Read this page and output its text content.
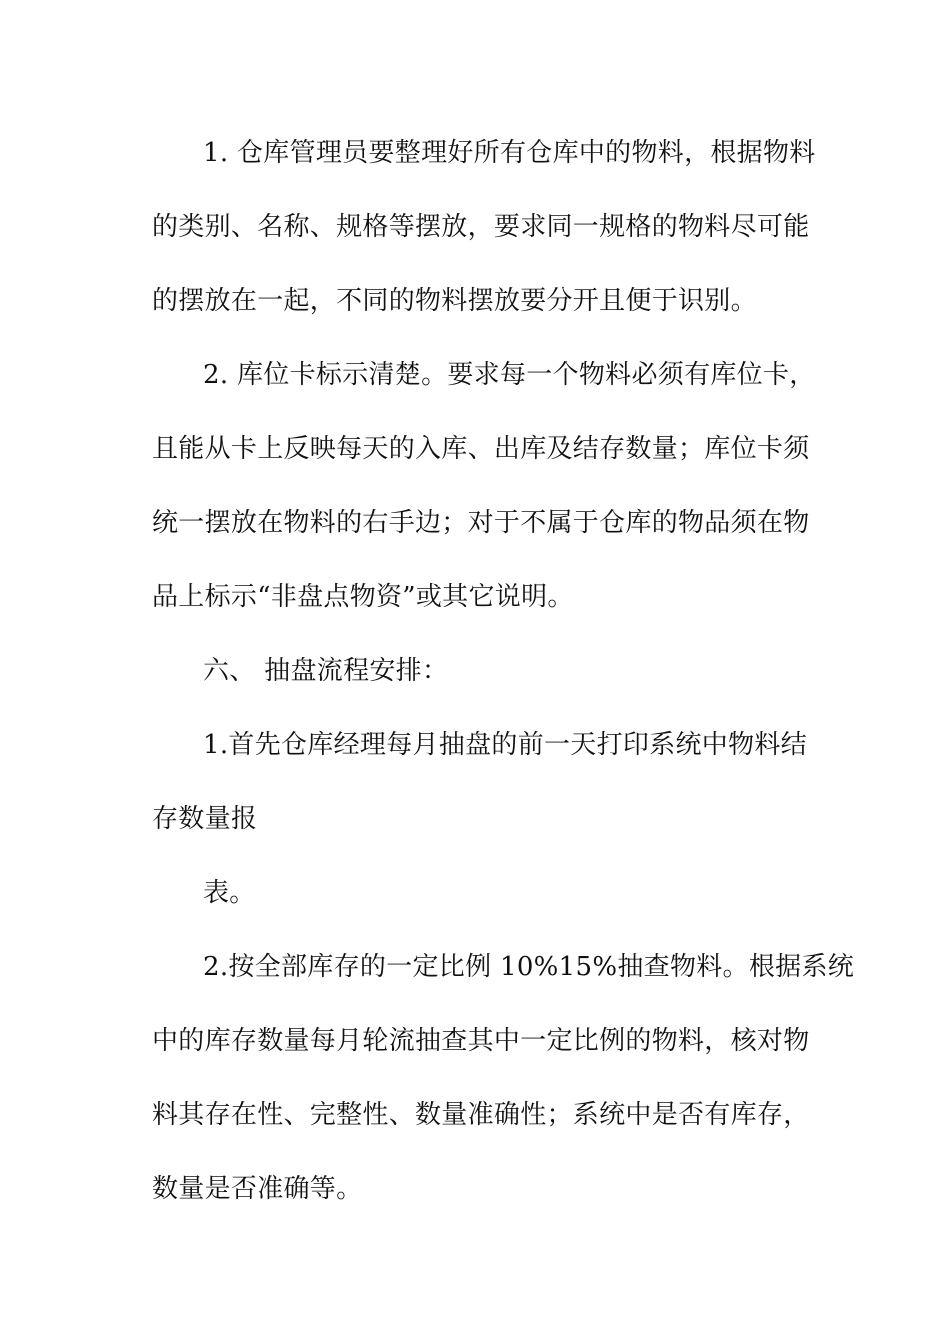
1. 仓库管理员要整理好所有仓库中的物料，根据物料
的类别、名称、规格等摆放，要求同一规格的物料尽可能
的摆放在一起，不同的物料摆放要分开且便于识别。
2. 库位卡标示清楚。要求每一个物料必须有库位卡，
且能从卡上反映每天的入库、出库及结存数量；库位卡须
统一摆放在物料的右手边；对于不属于仓库的物品须在物
品上标示“非盘点物资”或其它说明。
六、 抽盘流程安排：
1.首先仓库经理每月抽盘的前一天打印系统中物料结
存数量报
表。
2.按全部库存的一定比例 10%15%抽查物料。根据系统
中的库存数量每月轮流抽查其中一定比例的物料，核对物
料其存在性、完整性、数量准确性；系统中是否有库存，
数量是否准确等。
